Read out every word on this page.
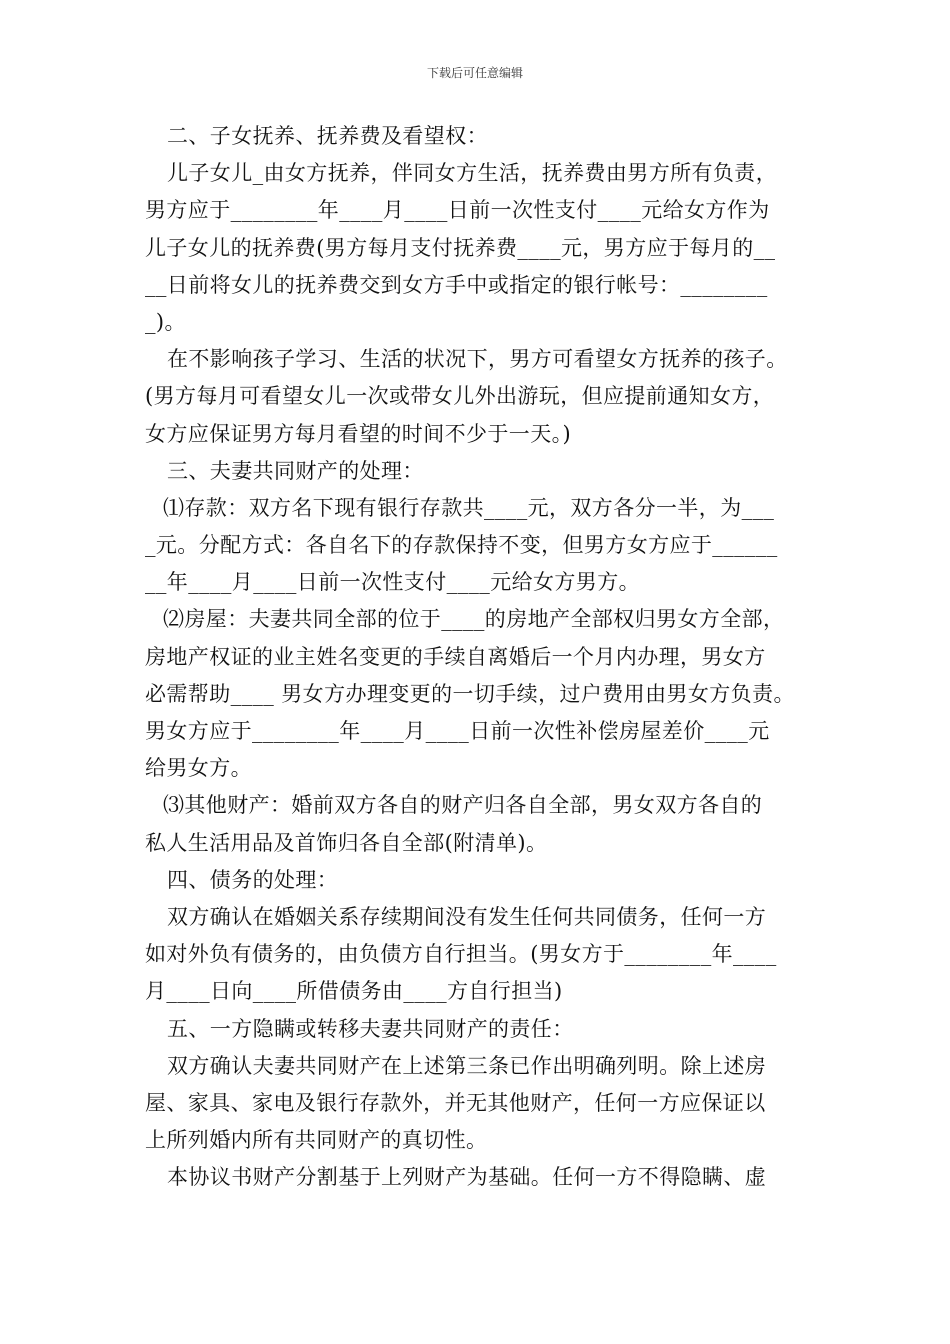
下载后可任意编辑
二、子女抚养、抚养费及看望权：
儿子女儿_由女方抚养，伴同女方生活，抚养费由男方所有负责，
男方应于________年____月____日前一次性支付____元给女方作为
儿子女儿的抚养费(男方每月支付抚养费____元，男方应于每月的__
__日前将女儿的抚养费交到女方手中或指定的银行帐号：________
_)。
在不影响孩子学习、生活的状况下，男方可看望女方抚养的孩子。
(男方每月可看望女儿一次或带女儿外出游玩，但应提前通知女方，
女方应保证男方每月看望的时间不少于一天。)
三、夫妻共同财产的处理：
⑴存款：双方名下现有银行存款共____元，双方各分一半，为___
_元。分配方式：各自名下的存款保持不变，但男方女方应于______
__年____月____日前一次性支付____元给女方男方。
⑵房屋：夫妻共同全部的位于____的房地产全部权归男女方全部，
房地产权证的业主姓名变更的手续自离婚后一个月内办理，男女方
必需帮助____ 男女方办理变更的一切手续，过户费用由男女方负责。
男女方应于________年____月____日前一次性补偿房屋差价____元
给男女方。
⑶其他财产：婚前双方各自的财产归各自全部，男女双方各自的
私人生活用品及首饰归各自全部(附清单)。
四、债务的处理：
双方确认在婚姻关系存续期间没有发生任何共同债务，任何一方
如对外负有债务的，由负债方自行担当。(男女方于________年____
月____日向____所借债务由____方自行担当)
五、一方隐瞒或转移夫妻共同财产的责任：
双方确认夫妻共同财产在上述第三条已作出明确列明。除上述房
屋、家具、家电及银行存款外，并无其他财产，任何一方应保证以
上所列婚内所有共同财产的真切性。
本协议书财产分割基于上列财产为基础。任何一方不得隐瞒、虚
